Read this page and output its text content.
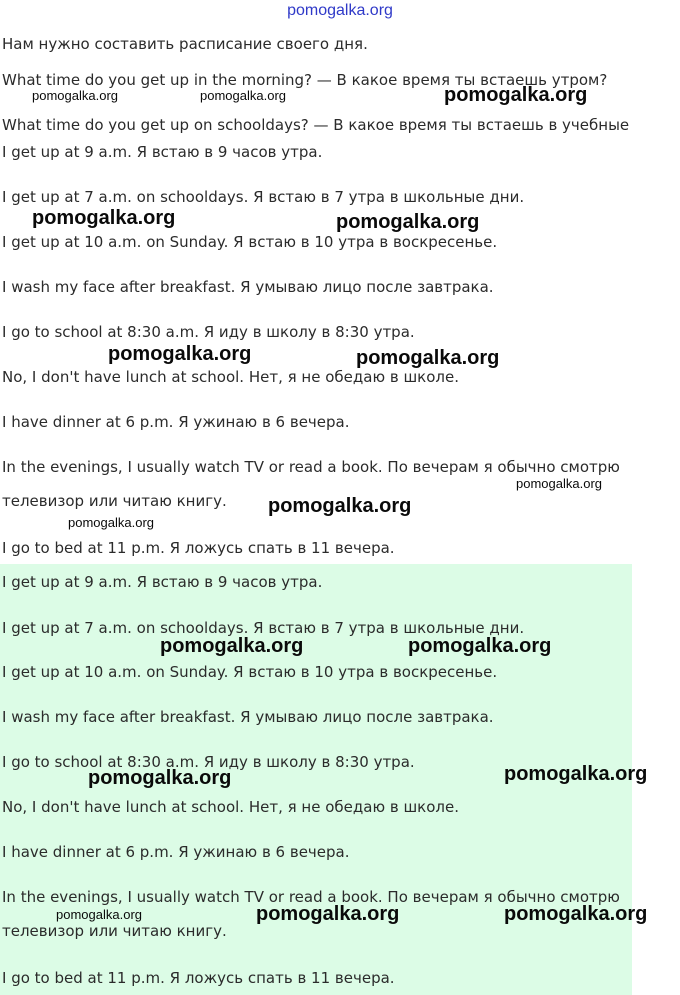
pomogalka.org

Нам нужно составить расписание своего дня.

What time do you get up in the morning? — В какое время ты встаешь утром?

What time do you get up on schooldays? — В какое время ты встаешь в учебные

I get up at 9 a.m. Я встаю в 9 часов утра.

I get up at 7 a.m. on schooldays. Я встаю в 7 утра в школьные дни.

I get up at 10 a.m. on Sunday. Я встаю в 10 утра в воскресенье.

I wash my face after breakfast. Я умываю лицо после завтрака.

I go to school at 8:30 a.m. Я иду в школу в 8:30 утра.

No, I don't have lunch at school. Нет, я не обедаю в школе.

I have dinner at 6 p.m. Я ужинаю в 6 вечера.

In the evenings, I usually watch TV or read a book. По вечерам я обычно смотрю телевизор или читаю книгу.

I go to bed at 11 p.m. Я ложусь спать в 11 вечера.

I get up at 9 a.m. Я встаю в 9 часов утра.

I get up at 7 a.m. on schooldays. Я встаю в 7 утра в школьные дни.

I get up at 10 a.m. on Sunday. Я встаю в 10 утра в воскресенье.

I wash my face after breakfast. Я умываю лицо после завтрака.

I go to school at 8:30 a.m. Я иду в школу в 8:30 утра.

No, I don't have lunch at school. Нет, я не обедаю в школе.

I have dinner at 6 p.m. Я ужинаю в 6 вечера.

In the evenings, I usually watch TV or read a book. По вечерам я обычно смотрю телевизор или читаю книгу.

I go to bed at 11 p.m. Я ложусь спать в 11 вечера.

pomogalka.org	pomogalka.org	pomogalka.org
pomogalka.org	pomogalka.org
pomogalka.org	pomogalka.org
pomogalka.org
pomogalka.org
pomogalka.org
pomogalka.org	pomogalka.org
pomogalka.org	pomogalka.org
pomogalka.org	pomogalka.org	pomogalka.org
